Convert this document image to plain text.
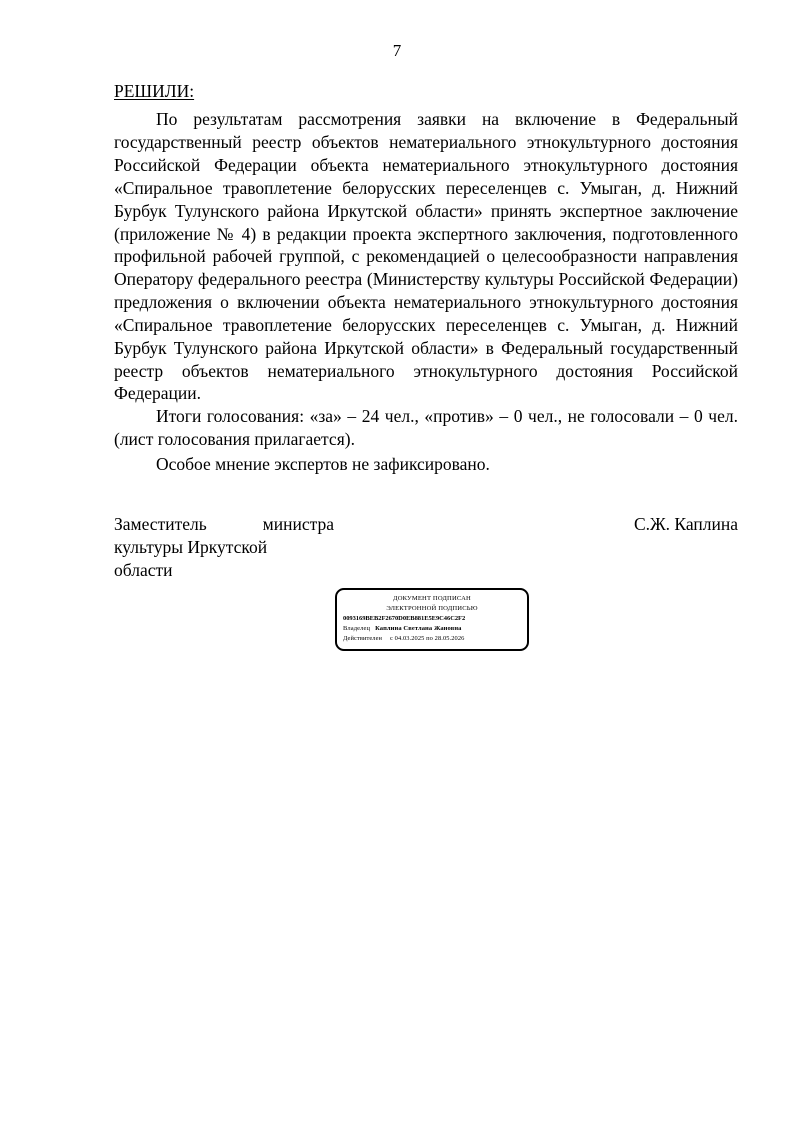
7
РЕШИЛИ:

По результатам рассмотрения заявки на включение в Федеральный государственный реестр объектов нематериального этнокультурного достояния Российской Федерации объекта нематериального этнокультурного достояния «Спиральное травоплетение белорусских переселенцев с. Умыган, д. Нижний Бурбук Тулунского района Иркутской области» принять экспертное заключение (приложение № 4) в редакции проекта экспертного заключения, подготовленного профильной рабочей группой, с рекомендацией о целесообразности направления Оператору федерального реестра (Министерству культуры Российской Федерации) предложения о включении объекта нематериального этнокультурного достояния «Спиральное травоплетение белорусских переселенцев с. Умыган, д. Нижний Бурбук Тулунского района Иркутской области» в Федеральный государственный реестр объектов нематериального этнокультурного достояния Российской Федерации.

Итоги голосования: «за» – 24 чел., «против» – 0 чел., не голосовали – 0 чел. (лист голосования прилагается).

Особое мнение экспертов не зафиксировано.

Заместитель министра культуры Иркутской
области
С.Ж. Каплина
ДОКУМЕНТ ПОДПИСАН
ЭЛЕКТРОННОЙ ПОДПИСЬЮ
0093169BEB2F2670D0EB881E5E9C46C2F2
Владелец Каплина Светлана Жановна
Действителен с 04.03.2025 по 28.05.2026
